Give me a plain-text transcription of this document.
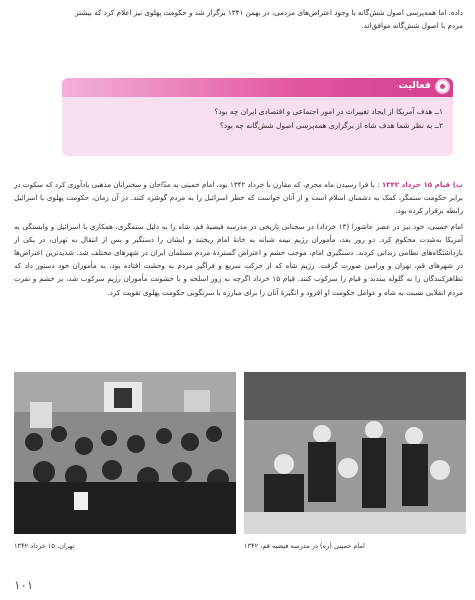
داده. اما همه‌پرسی اصول شش‌گانه با وجود اعتراض‌های مردمی، در بهمن ۱۳۴۱ برگزار شد و حکومت پهلوی نیز اعلام کرد که بیشتر
مردم با اصول شش‌گانه موافق‌اند.
فعالیت
۱ــ هدف آمریکا از ایجاد تغییرات در امور اجتماعی و اقتصادی ایران چه بود؟
۲ــ به نظر شما هدف شاه از برگزاری همه‌پرسی اصول شش‌گانه چه بود؟

ب) قیام ۱۵ خرداد ۱۳۴۲ : با فرا رسیدن ماه محرم، که مقارن با خرداد ۱۳۴۲ بود، امام خمینی به مدّاحان و سخنرانان مذهبی یادآوری کرد که سکوت در برابر حکومت ستمگر، کمک به دشمنان اسلام است و از آنان خواست که خطر اسرائیل را به مردم گوشزد کنند. در آن زمان، حکومت پهلوی با اسرائیل رابطه برقرار کرده بود.

امام خمینی، خود نیز در عصر عاشورا (۱۳ خرداد) در سخنانی تاریخی در مدرسه فیضیهٔ قم، شاه را به دلیل ستمگری، همکاری با اسرائیل و وابستگی به آمریکا به‌شدت محکوم کرد. دو روز بعد، مأموران رژیم نیمه شبانه به خانهٔ امام ریختند و ایشان را دستگیر و پس از انتقال به تهران، در یکی از بازداشتگاه‌های نظامی زندانی کردند. دستگیری امام، موجب خشم و اعتراض گستردهٔ مردم مسلمان ایران در شهرهای مختلف شد. شدیدترین اعتراض‌ها در شهرهای قم، تهران و ورامین صورت گرفت. رژیم شاه که از حرکت سریع و فراگیر مردم به وحشت افتاده بود، به مأموران خود دستور داد که تظاهرکنندگان را به گلوله ببندند و قیام را سرکوب کنند. قیام ۱۵ خرداد اگرچه به زور اسلحه و با خشونت مأموران رژیم سرکوب شد، بر خشم و نفرت مردم انقلابی نسبت به شاه و عوامل حکومت او افزود و انگیزهٔ آنان را برای مبارزه با سرنگونی حکومت پهلوی تقویت کرد.

تهران، ۱۵ خرداد ۱۳۴۲	امام خمینی (ره) در مدرسه فیضیه قم، ۱۳۴۲
۱۰۱
